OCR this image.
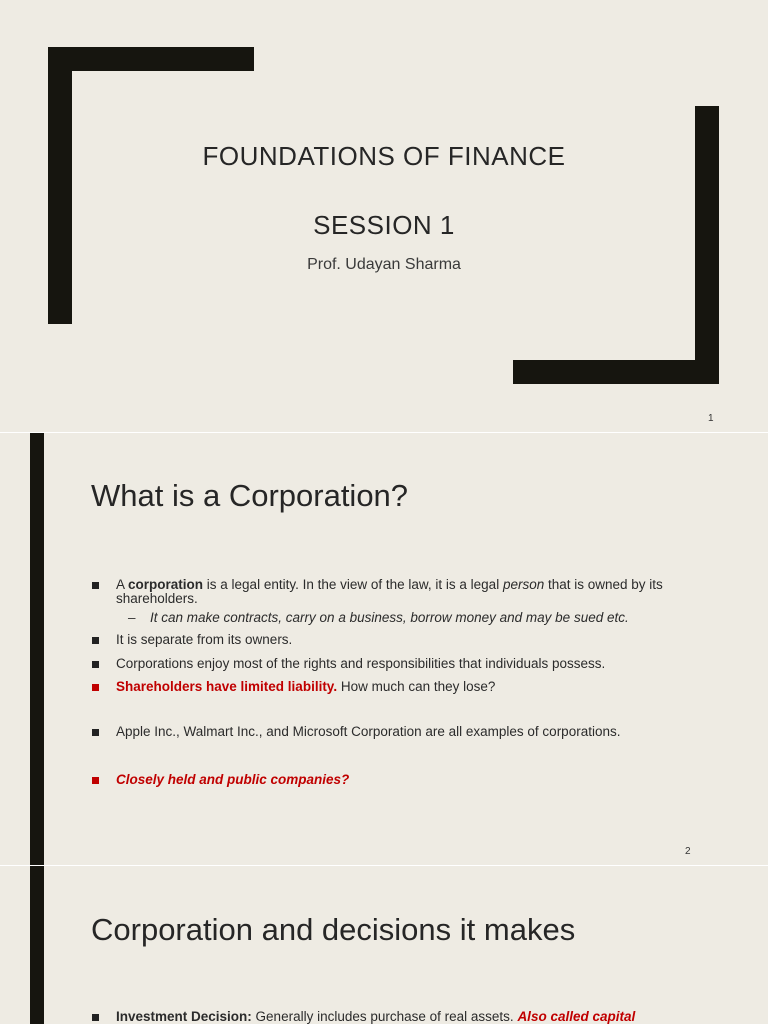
FOUNDATIONS OF FINANCE
SESSION 1
Prof. Udayan Sharma
1
What is a Corporation?
A corporation is a legal entity. In the view of the law, it is a legal person that is owned by its shareholders.
– It can make contracts, carry on a business, borrow money and may be sued etc.
It is separate from its owners.
Corporations enjoy most of the rights and responsibilities that individuals possess.
Shareholders have limited liability. How much can they lose?
Apple Inc., Walmart Inc., and Microsoft Corporation are all examples of corporations.
Closely held and public companies?
2
Corporation and decisions it makes
Investment Decision: Generally includes purchase of real assets. Also called capital
